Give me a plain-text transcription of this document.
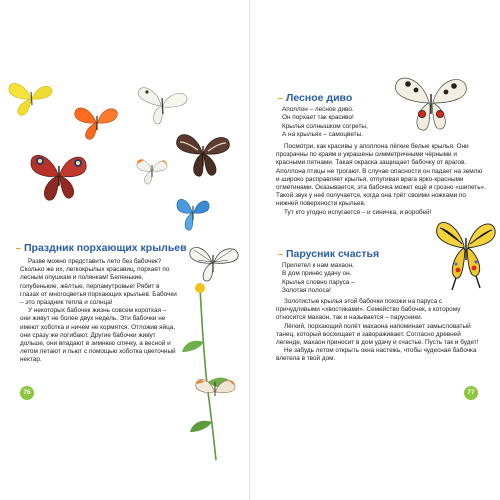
Праздник порхающих крыльев

Разве можно представить лето без бабочек? Сколько же их, легкокрылых красавиц, порхает по лесным опушкам и полянкам! Беленькие, голубенькие, жёлтые, перламутровые! Рябит в глазах от многоцветья порхающих крыльев. Бабочки – это праздник тепла и солнца!

У некоторых бабочек жизнь совсем короткая – они живут не более двух недель. Эти бабочки не имеют хоботка и ничем не кормятся. Отложив яйца, они сразу же погибают. Другие бабочки живут дольше, они впадают в зимнюю спячку, а весной и летом летают и пьют с помощью хоботка цветочный нектар.

76
Лесное диво
Аполлон – лесное диво.
Он порхает так красиво!
Крылья солнышком согреты,
А на крыльях – самоцветы.

Посмотри, как красивы у аполлона лёгкие белые крылья. Они прозрачны по краям и украшены симметричными чёрными и красными пятнами. Такая окраска защищает бабочку от врагов. Аполлона птицы не трогают. В случае опасности он падает на землю и широко расправляет крылья, отпугивая врага ярко-красными отметинами. Оказывается, эта бабочка может ещё и грозно «шипеть». Такой звук у неё получается, когда она трёт своими ножками по нижней поверхности крыльев.

Тут кто угодно испугается – и синичка, и воробей!

Парусник счастья
Прилетел к нам махаон,
В дом принёс удачу он.
Крылья словно паруса –
Золотая полоса!

Золотистые крылья этой бабочки похожи на паруса с причудливыми «хвостиками». Семейство бабочек, к которому относится махаон, так и называется – парусники.

Лёгкий, порхающий полёт махаона напоминает замысловатый танец, который восхищает и завораживает. Согласно древней легенде, махаон приносит в дом удачу и счастье. Пусть так и будет!

Не забудь летом открыть окна настежь, чтобы чудесная бабочка влетела в твой дом.

77
